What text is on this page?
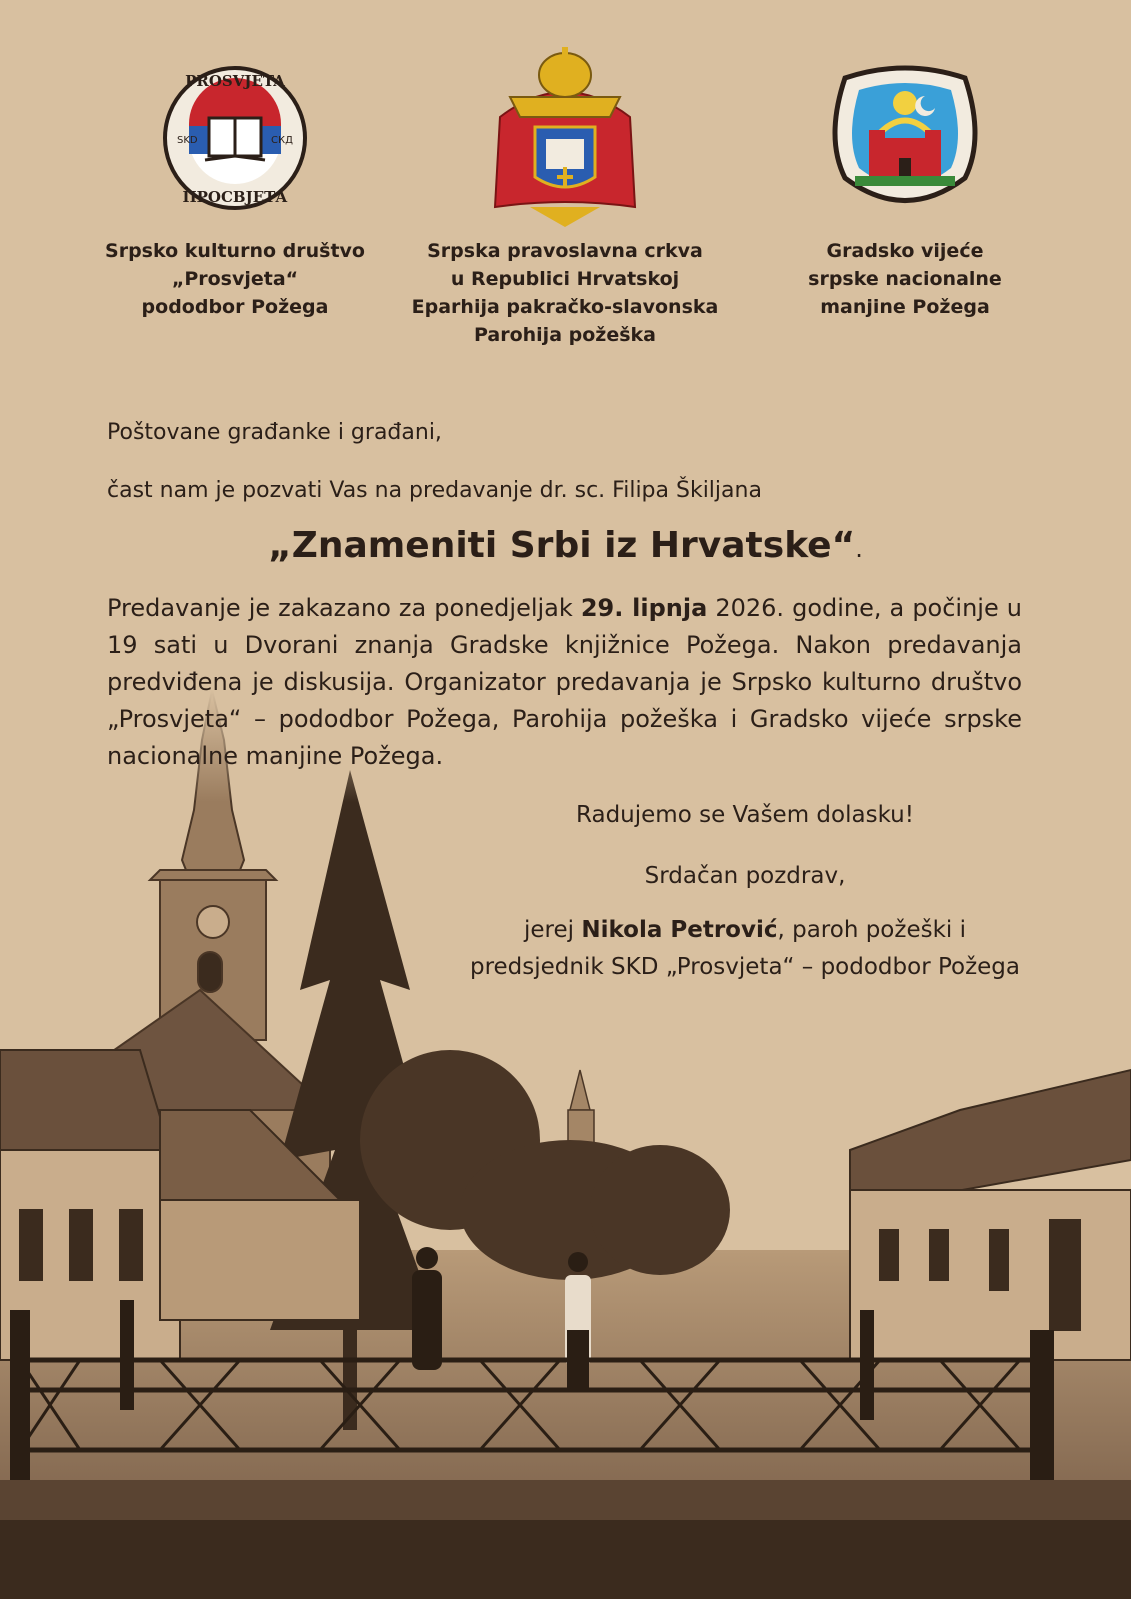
PROSVJETA
ПРОСВЈЕТА
SKD	СКД
Srpsko kulturno društvo
„Prosvjeta“
pododbor Požega
Srpska pravoslavna crkva
u Republici Hrvatskoj
Eparhija pakračko-slavonska
Parohija požeška
Gradsko vijeće
srpske nacionalne
manjine Požega
Poštovane građanke i građani,
čast nam je pozvati Vas na predavanje dr. sc. Filipa Škiljana
„Znameniti Srbi iz Hrvatske“.
Predavanje je zakazano za ponedjeljak 29. lipnja 2026. godine, a počinje u 19 sati u Dvorani znanja Gradske knjižnice Požega. Nakon predavanja predviđena je diskusija. Organizator predavanja je Srpsko kulturno društvo „Prosvjeta“ – pododbor Požega, Parohija požeška i Gradsko vijeće srpske nacionalne manjine Požega.
Radujemo se Vašem dolasku!
Srdačan pozdrav,
jerej Nikola Petrović, paroh požeški i predsjednik SKD „Prosvjeta“ – pododbor Požega
